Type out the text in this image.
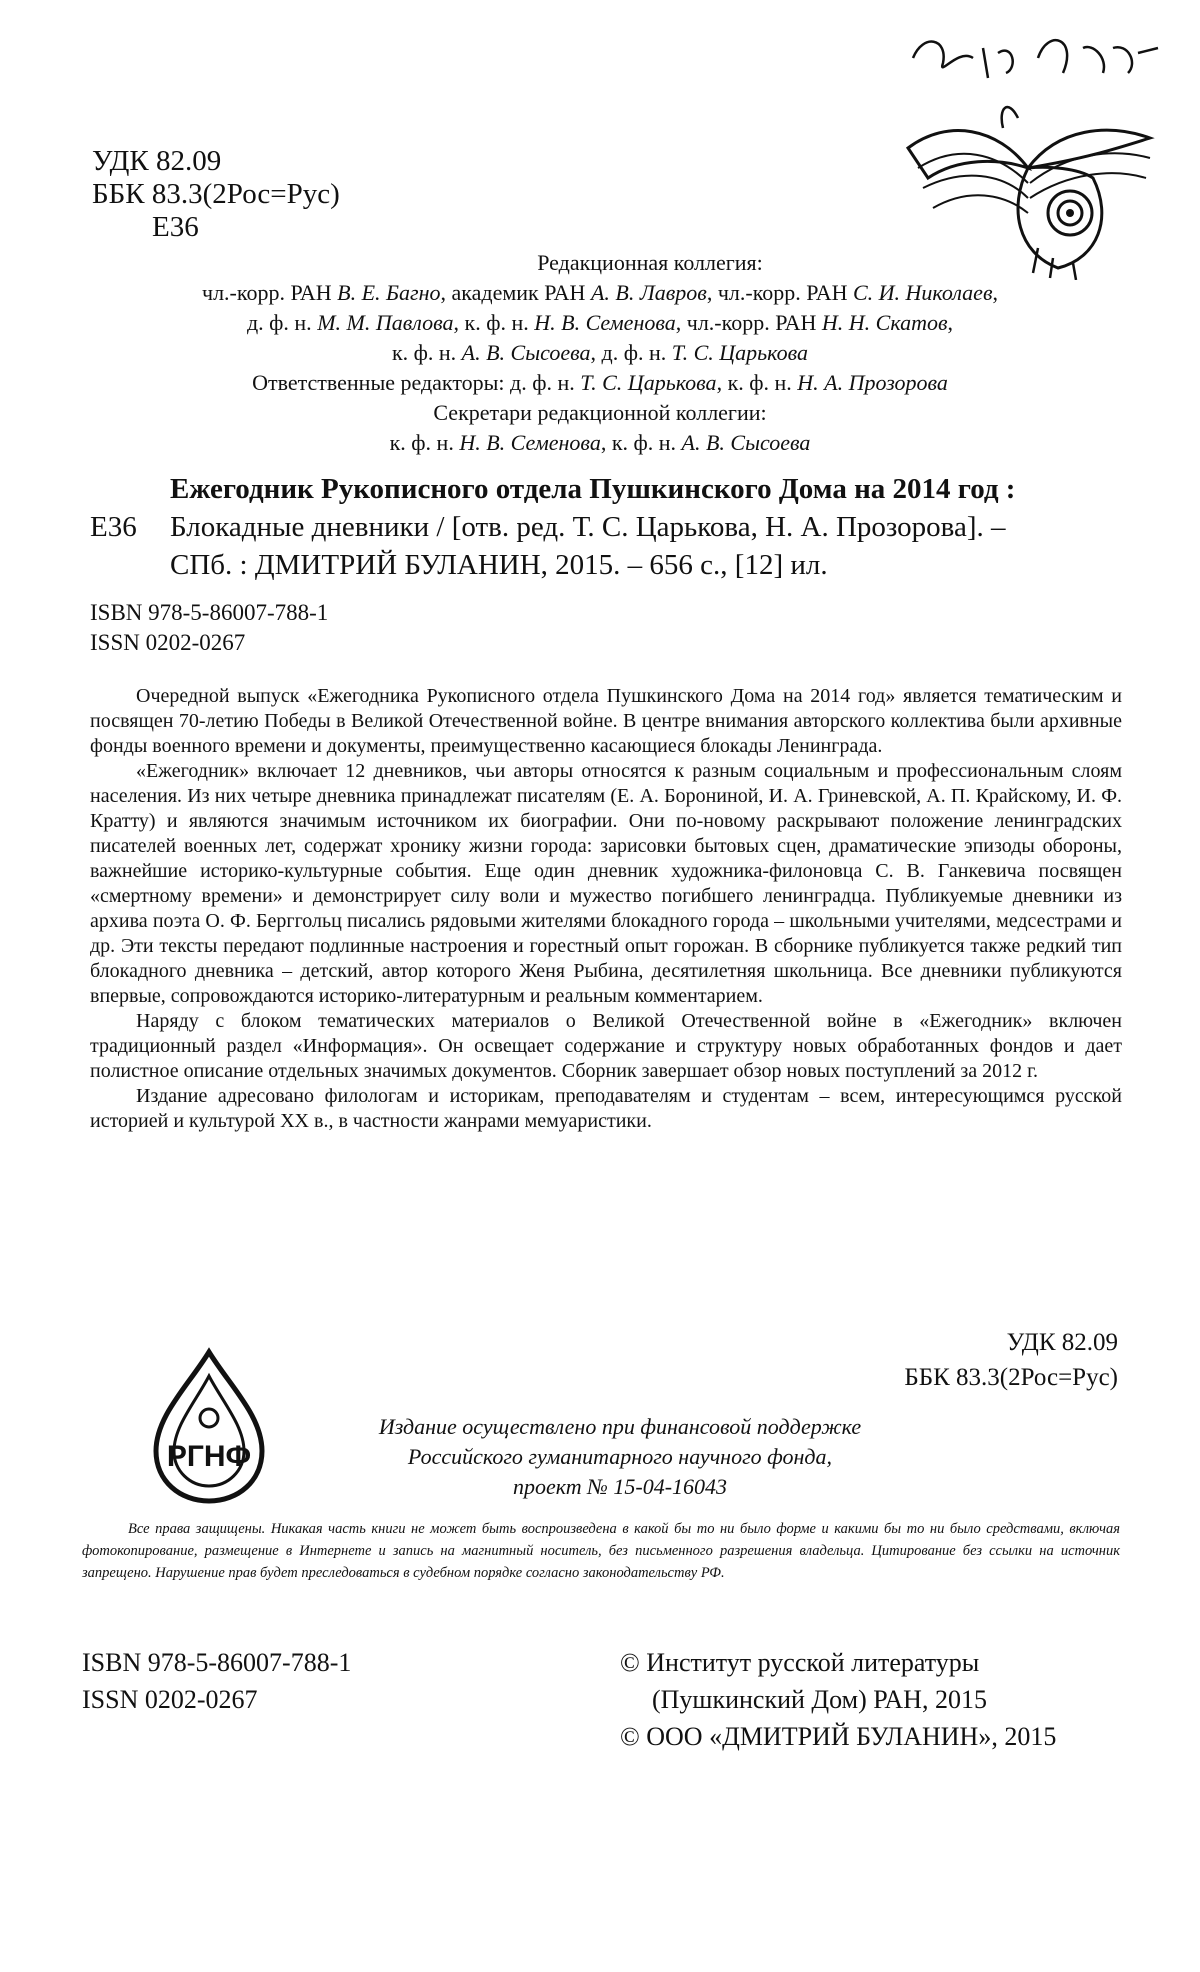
УДК 82.09
ББК 83.3(2Рос=Рус)
Е36
Редакционная коллегия:
чл.-корр. РАН В. Е. Багно, академик РАН А. В. Лавров, чл.-корр. РАН С. И. Николаев,
д. ф. н. М. М. Павлова, к. ф. н. Н. В. Семенова, чл.-корр. РАН Н. Н. Скатов,
к. ф. н. А. В. Сысоева, д. ф. н. Т. С. Царькова
Ответственные редакторы: д. ф. н. Т. С. Царькова, к. ф. н. Н. А. Прозорова
Секретари редакционной коллегии:
к. ф. н. Н. В. Семенова, к. ф. н. А. В. Сысоева
Е36
Ежегодник Рукописного отдела Пушкинского Дома на 2014 год :
Блокадные дневники / [отв. ред. Т. С. Царькова, Н. А. Прозорова]. –
СПб. : ДМИТРИЙ БУЛАНИН, 2015. – 656 с., [12] ил.
ISBN 978-5-86007-788-1
ISSN 0202-0267

Очередной выпуск «Ежегодника Рукописного отдела Пушкинского Дома на 2014 год» является тематическим и посвящен 70-летию Победы в Великой Отечественной войне. В центре внимания авторского коллектива были архивные фонды военного времени и документы, преимущественно касающиеся блокады Ленинграда.

«Ежегодник» включает 12 дневников, чьи авторы относятся к разным социальным и профессиональным слоям населения. Из них четыре дневника принадлежат писателям (Е. А. Борониной, И. А. Гриневской, А. П. Крайскому, И. Ф. Кратту) и являются значимым источником их биографии. Они по-новому раскрывают положение ленинградских писателей военных лет, содержат хронику жизни города: зарисовки бытовых сцен, драматические эпизоды обороны, важнейшие историко-культурные события. Еще один дневник художника-филоновца С. В. Ганкевича посвящен «смертному времени» и демонстрирует силу воли и мужество погибшего ленинградца. Публикуемые дневники из архива поэта О. Ф. Берггольц писались рядовыми жителями блокадного города – школьными учителями, медсестрами и др. Эти тексты передают подлинные настроения и горестный опыт горожан. В сборнике публикуется также редкий тип блокадного дневника – детский, автор которого Женя Рыбина, десятилетняя школьница. Все дневники публикуются впервые, сопровождаются историко-литературным и реальным комментарием.

Наряду с блоком тематических материалов о Великой Отечественной войне в «Ежегодник» включен традиционный раздел «Информация». Он освещает содержание и структуру новых обработанных фондов и дает полистное описание отдельных значимых документов. Сборник завершает обзор новых поступлений за 2012 г.

Издание адресовано филологам и историкам, преподавателям и студентам – всем, интересующимся русской историей и культурой XX в., в частности жанрами мемуаристики.

УДК 82.09
ББК 83.3(2Рос=Рус)
РГНФ
Издание осуществлено при финансовой поддержке
Российского гуманитарного научного фонда,
проект № 15-04-16043

Все права защищены. Никакая часть книги не может быть воспроизведена в какой бы то ни было форме и какими бы то ни было средствами, включая фотокопирование, размещение в Интернете и запись на магнитный носитель, без письменного разрешения владельца. Цитирование без ссылки на источник запрещено. Нарушение прав будет преследоваться в судебном порядке согласно законодательству РФ.

ISBN 978-5-86007-788-1
ISSN 0202-0267
© Институт русской литературы
(Пушкинский Дом) РАН, 2015
© ООО «ДМИТРИЙ БУЛАНИН», 2015
